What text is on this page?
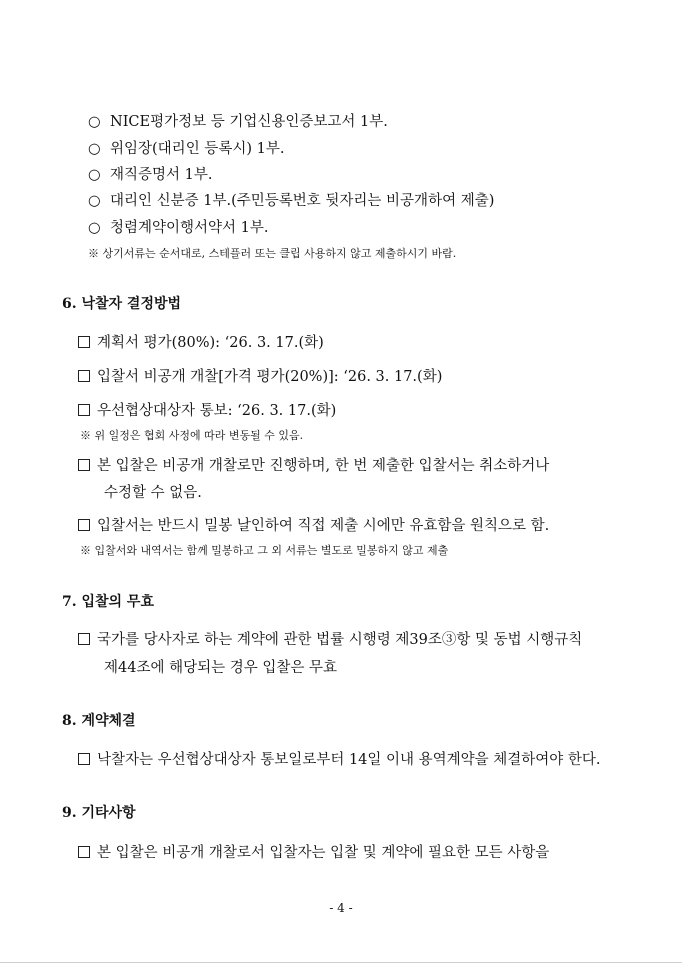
○ NICE평가정보 등 기업신용인증보고서 1부.
○ 위임장(대리인 등록시) 1부.
○ 재직증명서 1부.
○ 대리인 신분증 1부.(주민등록번호 뒷자리는 비공개하여 제출)
○ 청렴계약이행서약서 1부.
※ 상기서류는 순서대로, 스테플러 또는 클립 사용하지 않고 제출하시기 바람.
6. 낙찰자 결정방법
계획서 평가(80%): ‘26. 3. 17.(화)
입찰서 비공개 개찰[가격 평가(20%)]: ‘26. 3. 17.(화)
우선협상대상자 통보: ‘26. 3. 17.(화)
※ 위 일정은 협회 사정에 따라 변동될 수 있음.
본 입찰은 비공개 개찰로만 진행하며, 한 번 제출한 입찰서는 취소하거나
수정할 수 없음.
입찰서는 반드시 밀봉 날인하여 직접 제출 시에만 유효함을 원칙으로 함.
※ 입찰서와 내역서는 함께 밀봉하고 그 외 서류는 별도로 밀봉하지 않고 제출
7. 입찰의 무효
국가를 당사자로 하는 계약에 관한 법률 시행령 제39조③항 및 동법 시행규칙
제44조에 해당되는 경우 입찰은 무효
8. 계약체결
낙찰자는 우선협상대상자 통보일로부터 14일 이내 용역계약을 체결하여야 한다.
9. 기타사항
본 입찰은 비공개 개찰로서 입찰자는 입찰 및 계약에 필요한 모든 사항을
- 4 -
